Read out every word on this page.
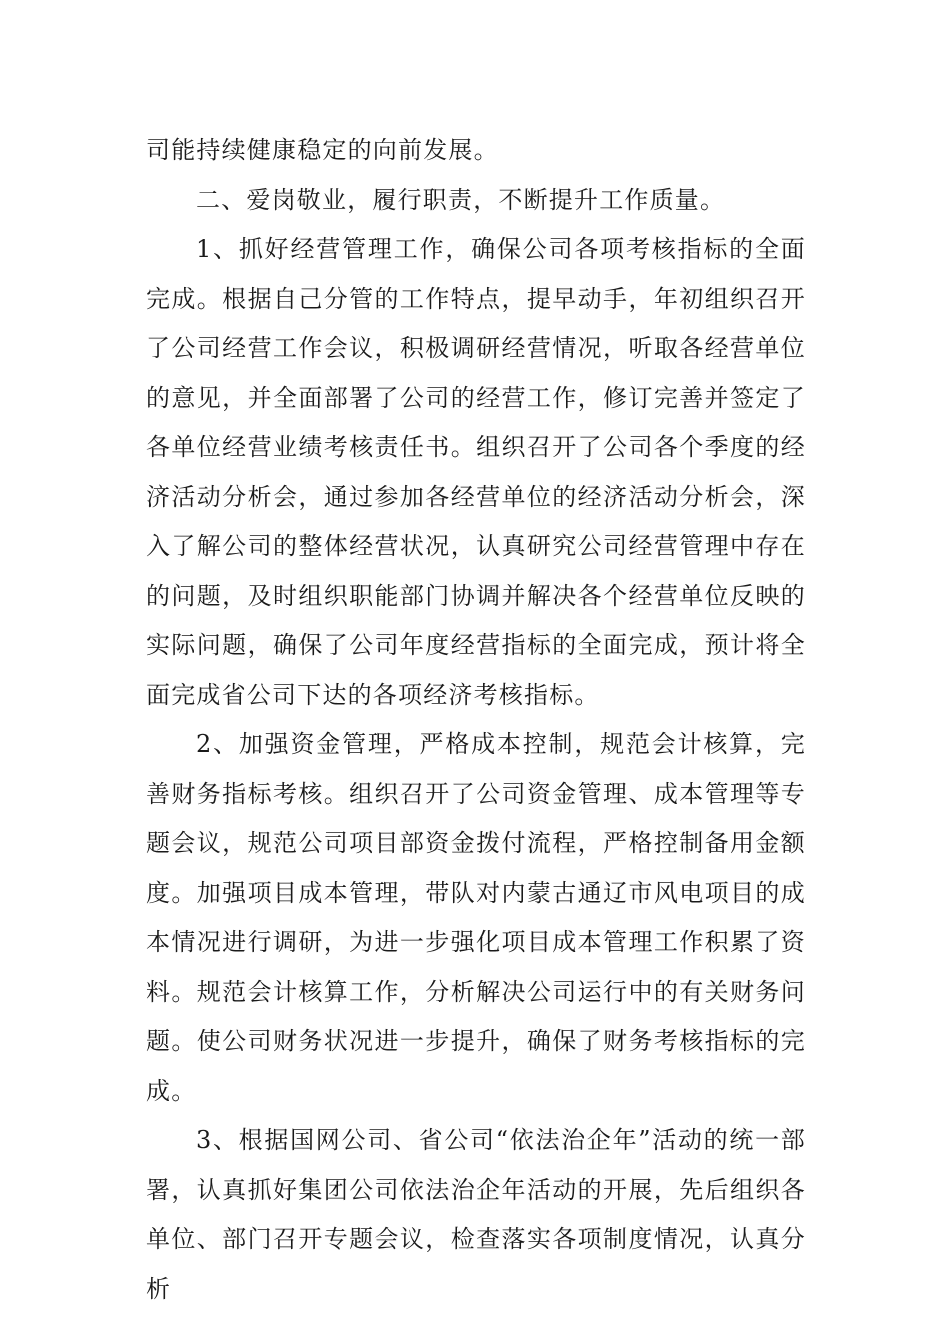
司能持续健康稳定的向前发展。

二、爱岗敬业，履行职责，不断提升工作质量。

1、抓好经营管理工作，确保公司各项考核指标的全面完成。根据自己分管的工作特点，提早动手，年初组织召开了公司经营工作会议，积极调研经营情况，听取各经营单位的意见，并全面部署了公司的经营工作，修订完善并签定了各单位经营业绩考核责任书。组织召开了公司各个季度的经济活动分析会，通过参加各经营单位的经济活动分析会，深入了解公司的整体经营状况，认真研究公司经营管理中存在的问题，及时组织职能部门协调并解决各个经营单位反映的实际问题，确保了公司年度经营指标的全面完成，预计将全面完成省公司下达的各项经济考核指标。

2、加强资金管理，严格成本控制，规范会计核算，完善财务指标考核。组织召开了公司资金管理、成本管理等专题会议，规范公司项目部资金拨付流程，严格控制备用金额度。加强项目成本管理，带队对内蒙古通辽市风电项目的成本情况进行调研，为进一步强化项目成本管理工作积累了资料。规范会计核算工作，分析解决公司运行中的有关财务问题。使公司财务状况进一步提升，确保了财务考核指标的完成。

3、根据国网公司、省公司“依法治企年”活动的统一部署，认真抓好集团公司依法治企年活动的开展，先后组织各单位、部门召开专题会议，检查落实各项制度情况，认真分析
